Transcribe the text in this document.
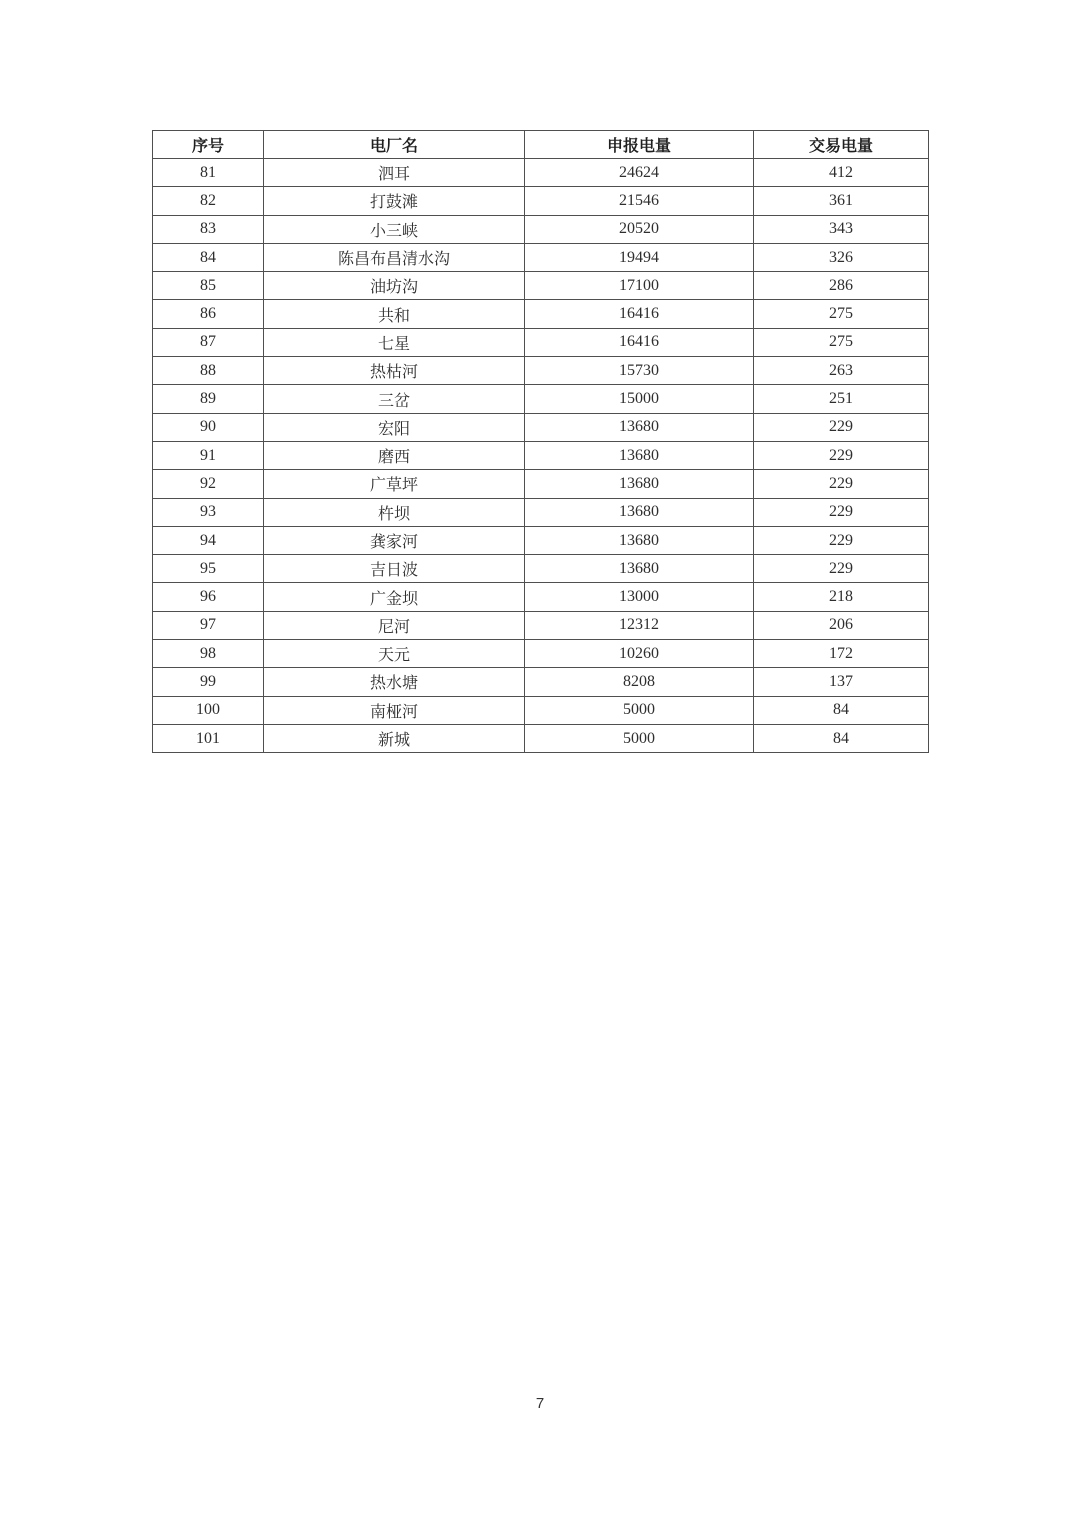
序号	电厂名	申报电量	交易电量
81	泗耳	24624	412
82	打鼓滩	21546	361
83	小三峡	20520	343
84	陈昌布昌清水沟	19494	326
85	油坊沟	17100	286
86	共和	16416	275
87	七星	16416	275
88	热枯河	15730	263
89	三岔	15000	251
90	宏阳	13680	229
91	磨西	13680	229
92	广草坪	13680	229
93	杵坝	13680	229
94	龚家河	13680	229
95	吉日波	13680	229
96	广金坝	13000	218
97	尼河	12312	206
98	天元	10260	172
99	热水塘	8208	137
100	南桠河	5000	84
101	新城	5000	84
7
